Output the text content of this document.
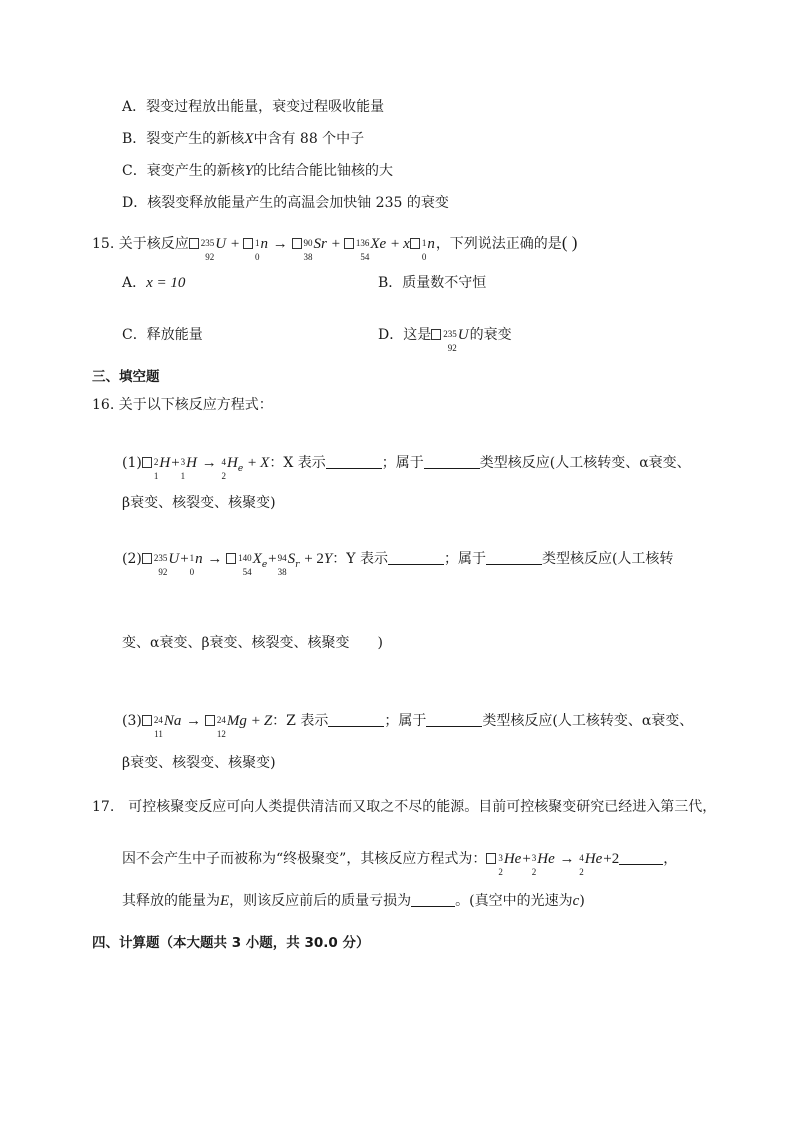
A．裂变过程放出能量，衰变过程吸收能量
B．裂变产生的新核X中含有 88 个中子
C．衰变产生的新核Y的比结合能比铀核的大
D．核裂变释放能量产生的高温会加快铀 235 的衰变
15. 关于核反应 235
92
U + 1
0
n → 90
38
Sr + 136
54
Xe + x 1
0
n ，下列说法正确的是( )
A．x = 10	B．质量数不守恒
C．释放能量	D．这是 235
92
U 的衰变
三、填空题
16. 关于以下核反应方程式：
(1) 2
1
H + 3
1
H → 4
2
H e + X：X 表示	；属于	类型核反应(人工核转变、α衰变、
β衰变、核裂变、核聚变)
(2) 235
92
U + 1
0
n → 140
54
X e + 94
38
S r + 2Y：Y 表示	；属于	类型核反应(人工核转
变、α衰变、β衰变、核裂变、核聚变　　)
(3) 24
11
Na → 24
12
Mg + Z：Z 表示	；属于	类型核反应(人工核转变、α衰变、
β衰变、核裂变、核聚变)
17.　 可控核聚变反应可向人类提供清洁而又取之不尽的能源。目前可控核聚变研究已经进入第三代，
因不会产生中子而被称为“终极聚变”，其核反应方程式为： 3
2
He + 3
2
He → 4
2
He +2	，
其释放的能量为E，则该反应前后的质量亏损为	。(真空中的光速为c)
四、计算题（本大题共 3 小题，共 30.0 分）
